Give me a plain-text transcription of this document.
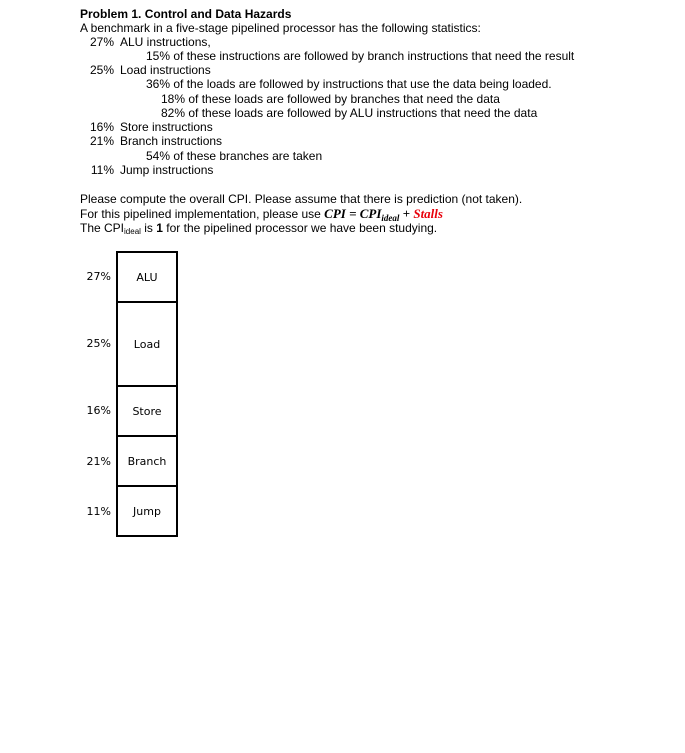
Problem 1. Control and Data Hazards
A benchmark in a five-stage pipelined processor has the following statistics:
27% ALU instructions,
15% of these instructions are followed by branch instructions that need the result
25% Load instructions
36% of the loads are followed by instructions that use the data being loaded.
18% of these loads are followed by branches that need the data
82% of these loads are followed by ALU instructions that need the data
16% Store instructions
21% Branch instructions
54% of these branches are taken
11% Jump instructions
Please compute the overall CPI. Please assume that there is prediction (not taken).
For this pipelined implementation, please use CPI = $CPI_{ideal}$ + Stalls
The CPIideal is 1 for the pipelined processor we have been studying.
27% ALU
25% Load
16% Store
21% Branch
11% Jump
